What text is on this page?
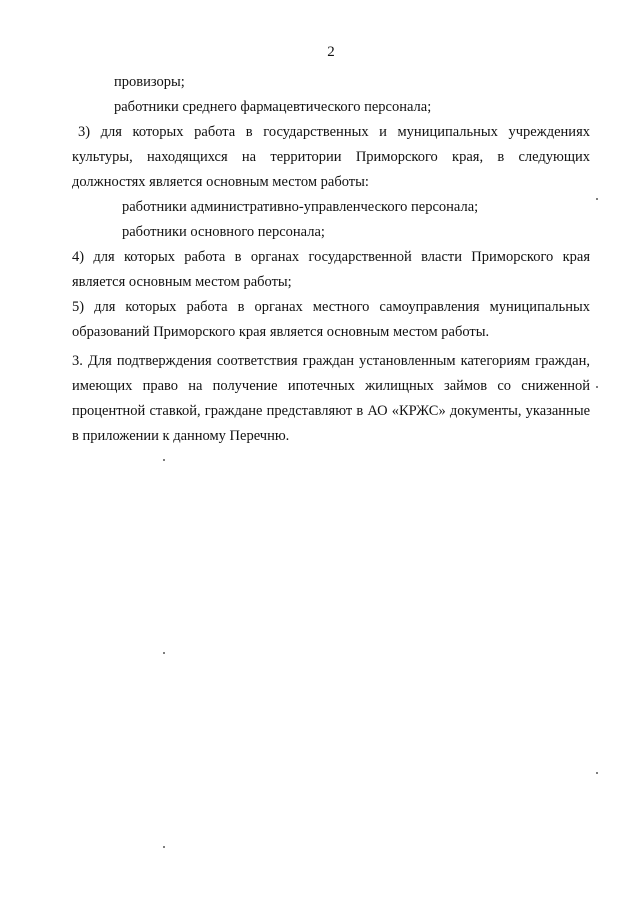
2

провизоры;

работники среднего фармацевтического персонала;

3) для которых работа в государственных и муниципальных учреждениях культуры, находящихся на территории Приморского края, в следующих должностях является основным местом работы:

работники административно-управленческого персонала;

работники основного персонала;

4) для которых работа в органах государственной власти Приморского края является основным местом работы;

5) для которых работа в органах местного самоуправления муниципальных образований Приморского края является основным местом работы.

3. Для подтверждения соответствия граждан установленным категориям граждан, имеющих право на получение ипотечных жилищных займов со сниженной процентной ставкой, граждане представляют в АО «КРЖС» документы, указанные в приложении к данному Перечню.
